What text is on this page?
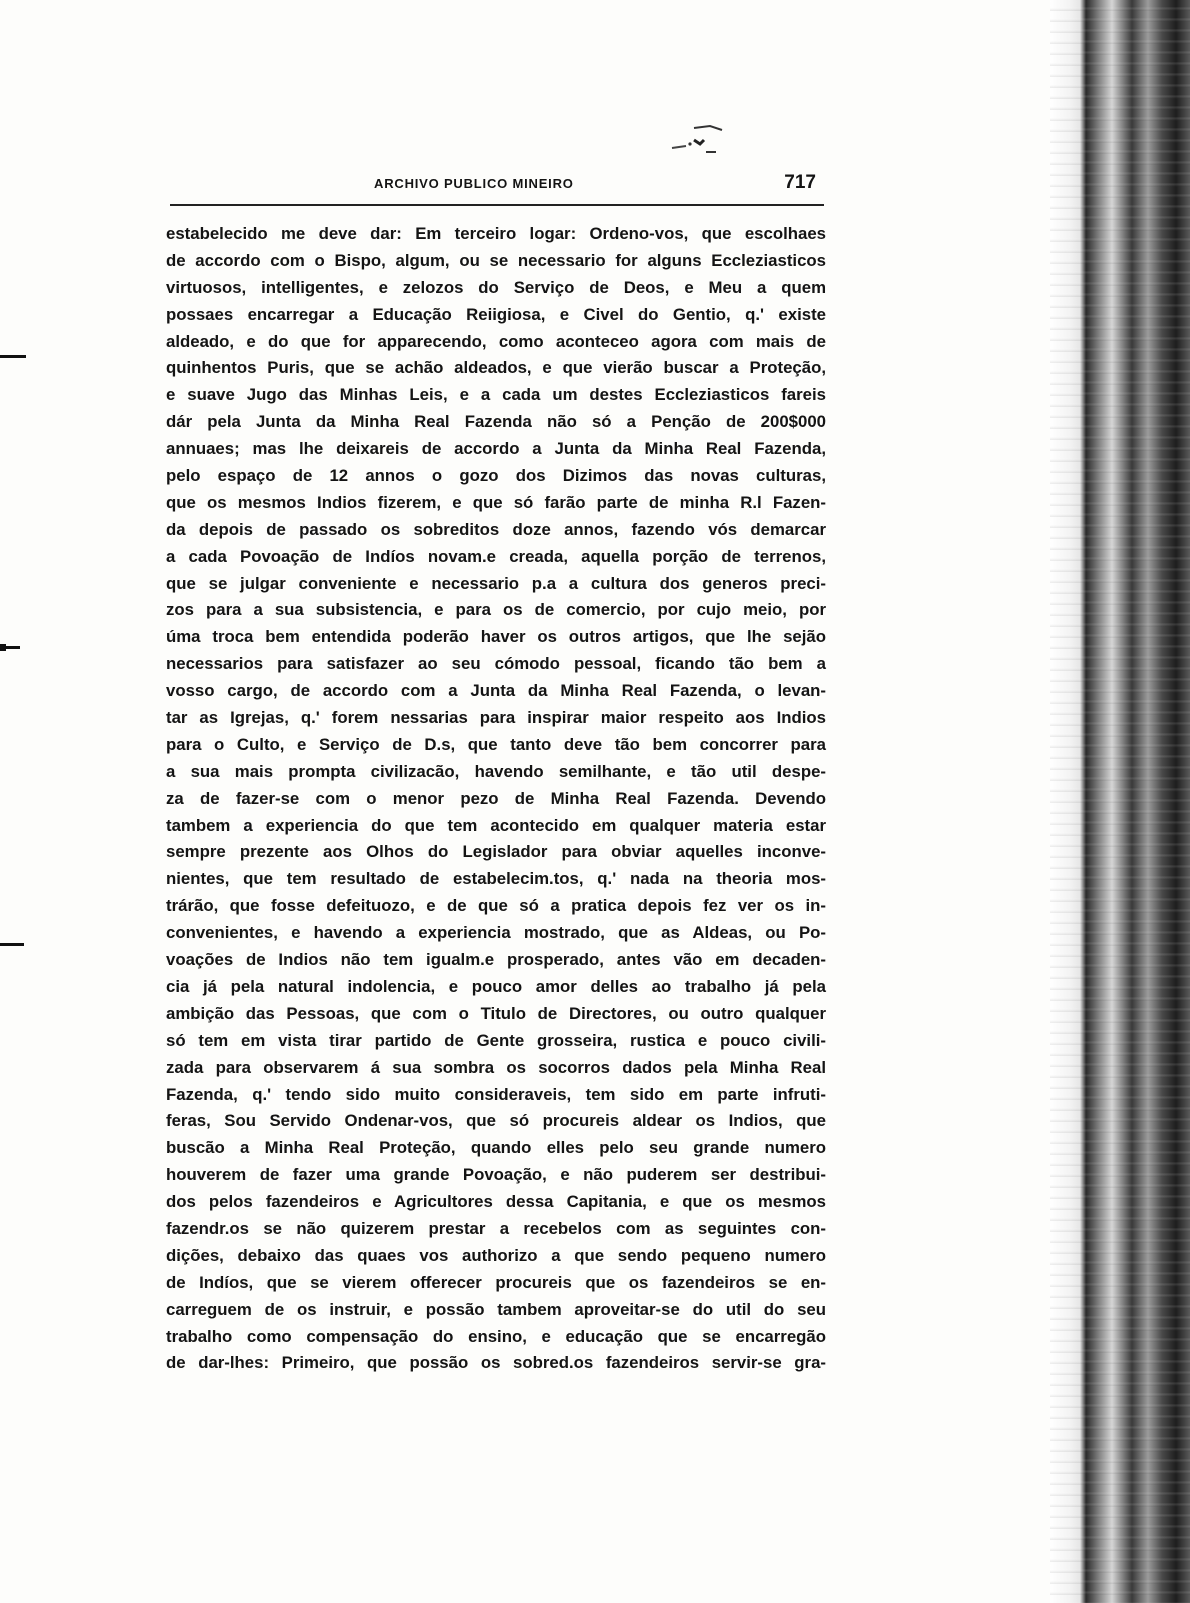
ARCHIVO PUBLICO MINEIRO	717
estabelecido me deve dar: Em terceiro logar: Ordeno-vos, que escolhaes
de accordo com o Bispo, algum, ou se necessario for alguns Eccleziasticos
virtuosos, intelligentes, e zelozos do Serviço de Deos, e Meu a quem
possaes encarregar a Educação Reiigiosa, e Civel do Gentio, q.' existe
aldeado, e do que for apparecendo, como aconteceo agora com mais de
quinhentos Puris, que se achão aldeados, e que vierão buscar a Proteção,
e suave Jugo das Minhas Leis, e a cada um destes Eccleziasticos fareis
dár pela Junta da Minha Real Fazenda não só a Penção de 200$000
annuaes; mas lhe deixareis de accordo a Junta da Minha Real Fazenda,
pelo espaço de 12 annos o gozo dos Dizimos das novas culturas,
que os mesmos Indios fizerem, e que só farão parte de minha R.l Fazen-
da depois de passado os sobreditos doze annos, fazendo vós demarcar
a cada Povoação de Indíos novam.e creada, aquella porção de terrenos,
que se julgar conveniente e necessario p.a a cultura dos generos preci-
zos para a sua subsistencia, e para os de comercio, por cujo meio, por
úma troca bem entendida poderão haver os outros artigos, que lhe sejão
necessarios para satisfazer ao seu cómodo pessoal, ficando tão bem a
vosso cargo, de accordo com a Junta da Minha Real Fazenda, o levan-
tar as Igrejas, q.' forem nessarias para inspirar maior respeito aos Indios
para o Culto, e Serviço de D.s, que tanto deve tão bem concorrer para
a sua mais prompta civilizacão, havendo semilhante, e tão util despe-
za de fazer-se com o menor pezo de Minha Real Fazenda. Devendo
tambem a experiencia do que tem acontecido em qualquer materia estar
sempre prezente aos Olhos do Legislador para obviar aquelles inconve-
nientes, que tem resultado de estabelecim.tos, q.' nada na theoria mos-
trárão, que fosse defeituozo, e de que só a pratica depois fez ver os in-
convenientes, e havendo a experiencia mostrado, que as Aldeas, ou Po-
voações de Indios não tem igualm.e prosperado, antes vão em decaden-
cia já pela natural indolencia, e pouco amor delles ao trabalho já pela
ambição das Pessoas, que com o Titulo de Directores, ou outro qualquer
só tem em vista tirar partido de Gente grosseira, rustica e pouco civili-
zada para observarem á sua sombra os socorros dados pela Minha Real
Fazenda, q.' tendo sido muito consideraveis, tem sido em parte infruti-
feras, Sou Servido Ondenar-vos, que só procureis aldear os Indios, que
buscão a Minha Real Proteção, quando elles pelo seu grande numero
houverem de fazer uma grande Povoação, e não puderem ser destribui-
dos pelos fazendeiros e Agricultores dessa Capitania, e que os mesmos
fazendr.os se não quizerem prestar a recebelos com as seguintes con-
dições, debaixo das quaes vos authorizo a que sendo pequeno numero
de Indíos, que se vierem offerecer procureis que os fazendeiros se en-
carreguem de os instruir, e possão tambem aproveitar-se do util do seu
trabalho como compensação do ensino, e educação que se encarregão
de dar-lhes: Primeiro, que possão os sobred.os fazendeiros servir-se gra-
